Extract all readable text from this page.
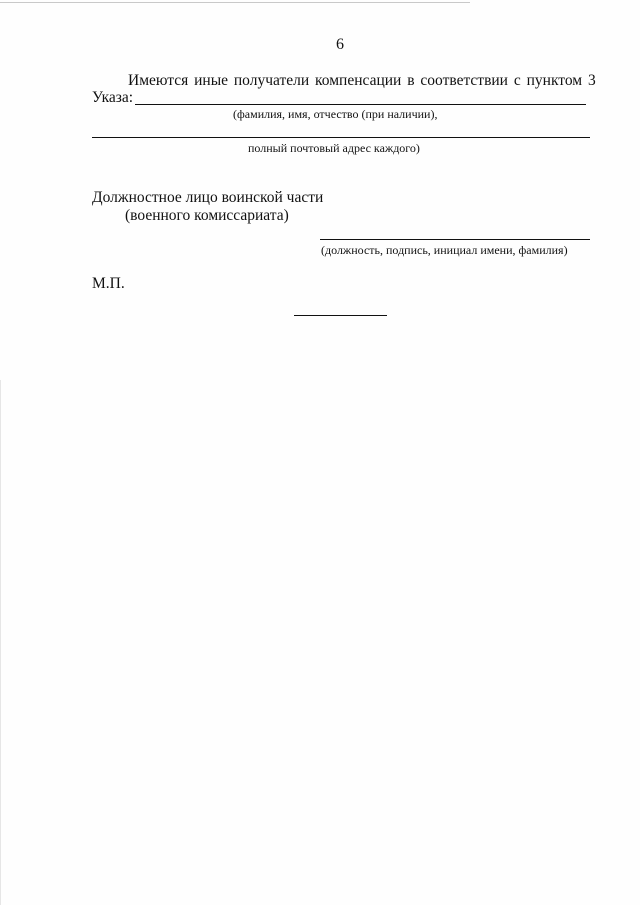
6
Имеются иные получатели компенсации в соответствии с пунктом 3
Указа:
(фамилия, имя, отчество (при наличии),
полный почтовый адрес каждого)
Должностное лицо воинской части
(военного комиссариата)
(должность, подпись, инициал имени, фамилия)
М.П.
